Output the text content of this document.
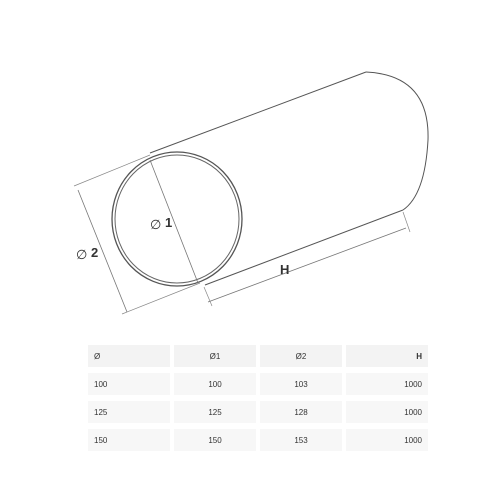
∅ 1
∅ 2
H
Ø	Ø1	Ø2	H
100	100	103	1000
125	125	128	1000
150	150	153	1000
